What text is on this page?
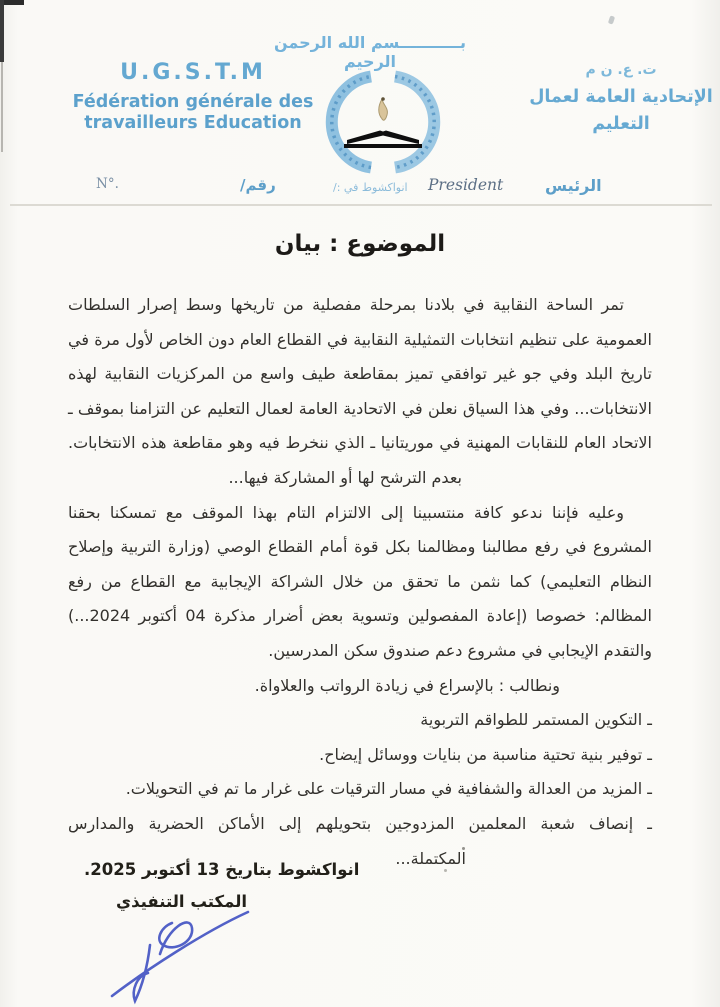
بـــــــــــسم الله الرحمن الرحيم
U.G.S.T.M
Fédération générale des
travailleurs Education
ت. ع. ن م
الإتحادية العامة لعمال
التعليم
N°.	رقم/	انواكشوط في :/ President	الرئيس
الموضوع : بيان
تمر الساحة النقابية في بلادنا بمرحلة مفصلية من تاريخها وسط إصرار السلطات
العمومية على تنظيم انتخابات التمثيلية النقابية في القطاع العام دون الخاص لأول مرة في
تاريخ البلد وفي جو غير توافقي تميز بمقاطعة طيف واسع من المركزيات النقابية لهذه
الانتخابات... وفي هذا السياق نعلن في الاتحادية العامة لعمال التعليم عن التزامنا بموقف ـ
الاتحاد العام للنقابات المهنية في موريتانيا ـ الذي ننخرط فيه وهو مقاطعة هذه الانتخابات.
بعدم الترشح لها أو المشاركة فيها...
وعليه فإننا ندعو كافة منتسبينا إلى الالتزام التام بهذا الموقف مع تمسكنا بحقنا
المشروع في رفع مطالبنا ومظالمنا بكل قوة أمام القطاع الوصي (وزارة التربية وإصلاح
النظام التعليمي) كما نثمن ما تحقق من خلال الشراكة الإيجابية مع القطاع من رفع
المظالم: خصوصا (إعادة المفصولين وتسوية بعض أضرار مذكرة 04 أكتوبر 2024...)
والتقدم الإيجابي في مشروع دعم صندوق سكن المدرسين.
ونطالب : بالإسراع في زيادة الرواتب والعلاواة.
ـ التكوين المستمر للطواقم التربوية
ـ توفير بنية تحتية مناسبة من بنايات ووسائل إيضاح.
ـ المزيد من العدالة والشفافية في مسار الترقيات على غرار ما تم في التحويلات.
ـ إنصاف شعبة المعلمين المزدوجين بتحويلهم إلى الأماكن الحضرية والمدارس
المكتملة...
انواكشوط بتاريخ 13 أكتوبر 2025.
المكتب التنفيذي
